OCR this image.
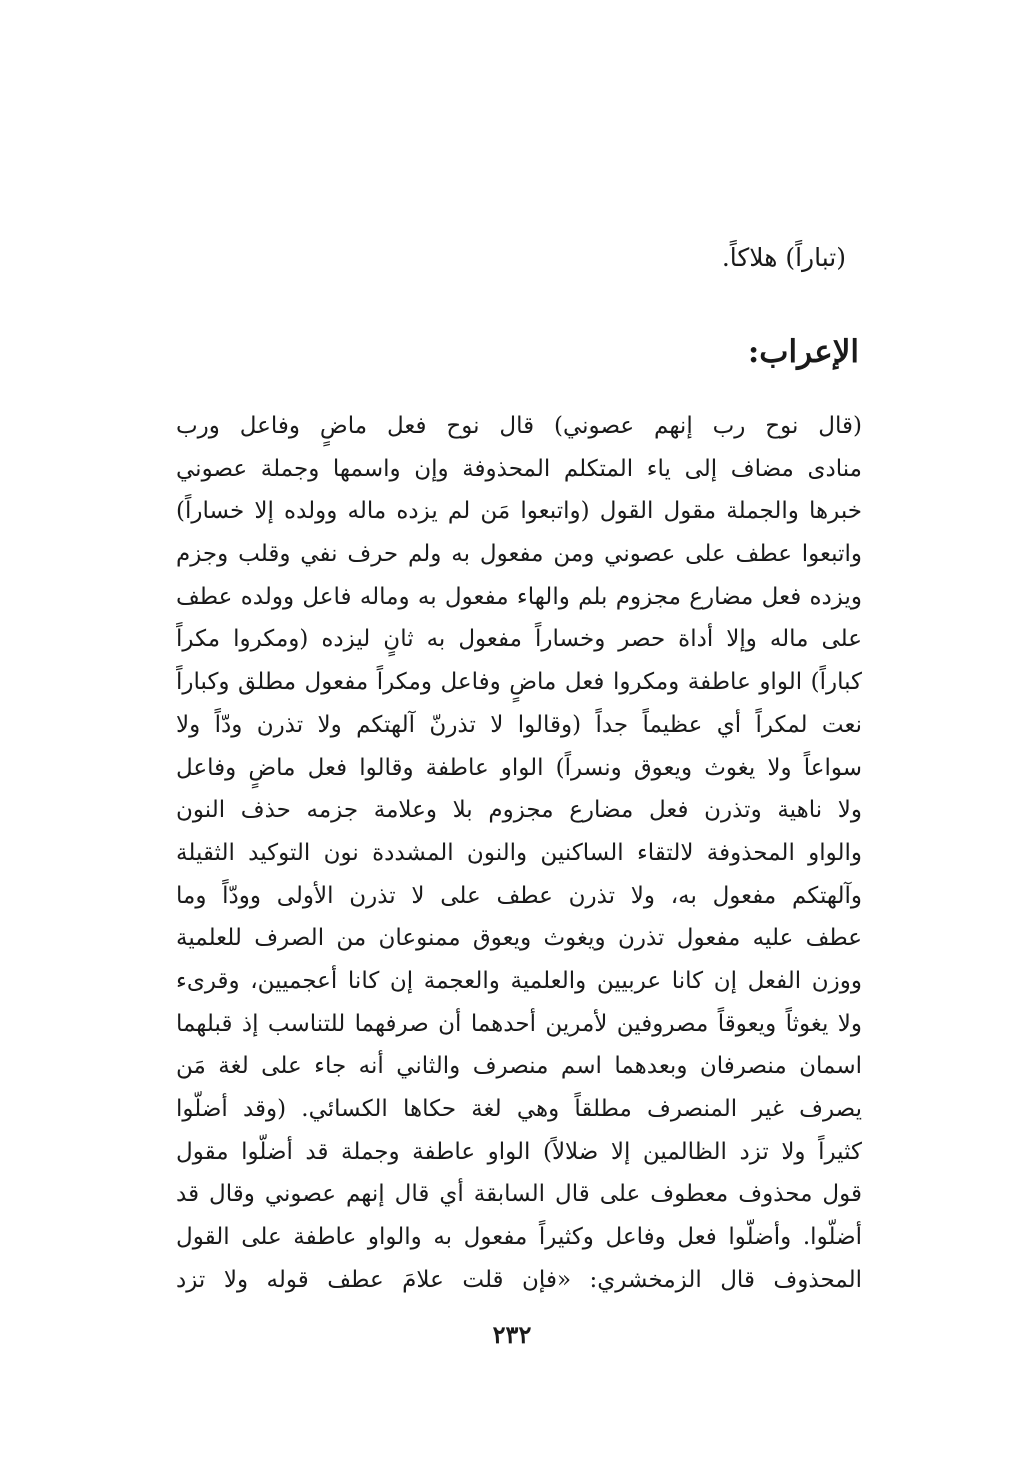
(تباراً) هلاكاً.
الإعراب:
(قال نوح رب إنهم عصوني) قال نوح فعل ماضٍ وفاعل ورب
منادى مضاف إلى ياء المتكلم المحذوفة وإن واسمها وجملة عصوني
خبرها والجملة مقول القول (واتبعوا مَن لم يزده ماله وولده إلا خساراً)
واتبعوا عطف على عصوني ومن مفعول به ولم حرف نفي وقلب وجزم
ويزده فعل مضارع مجزوم بلم والهاء مفعول به وماله فاعل وولده عطف
على ماله وإلا أداة حصر وخساراً مفعول به ثانٍ ليزده (ومكروا مكراً
كباراً) الواو عاطفة ومكروا فعل ماضٍ وفاعل ومكراً مفعول مطلق وكباراً
نعت لمكراً أي عظيماً جداً (وقالوا لا تذرنّ آلهتكم ولا تذرن ودّاً ولا
سواعاً ولا يغوث ويعوق ونسراً) الواو عاطفة وقالوا فعل ماضٍ وفاعل
ولا ناهية وتذرن فعل مضارع مجزوم بلا وعلامة جزمه حذف النون
والواو المحذوفة لالتقاء الساكنين والنون المشددة نون التوكيد الثقيلة
وآلهتكم مفعول به، ولا تذرن عطف على لا تذرن الأولى وودّاً وما
عطف عليه مفعول تذرن ويغوث ويعوق ممنوعان من الصرف للعلمية
ووزن الفعل إن كانا عربيين والعلمية والعجمة إن كانا أعجميين، وقرىء
ولا يغوثاً ويعوقاً مصروفين لأمرين أحدهما أن صرفهما للتناسب إذ قبلهما
اسمان منصرفان وبعدهما اسم منصرف والثاني أنه جاء على لغة مَن
يصرف غير المنصرف مطلقاً وهي لغة حكاها الكسائي. (وقد أضلّوا
كثيراً ولا تزد الظالمين إلا ضلالاً) الواو عاطفة وجملة قد أضلّوا مقول
قول محذوف معطوف على قال السابقة أي قال إنهم عصوني وقال قد
أضلّوا. وأضلّوا فعل وفاعل وكثيراً مفعول به والواو عاطفة على القول
المحذوف قال الزمخشري: «فإن قلت علامَ عطف قوله ولا تزد
٢٣٢
